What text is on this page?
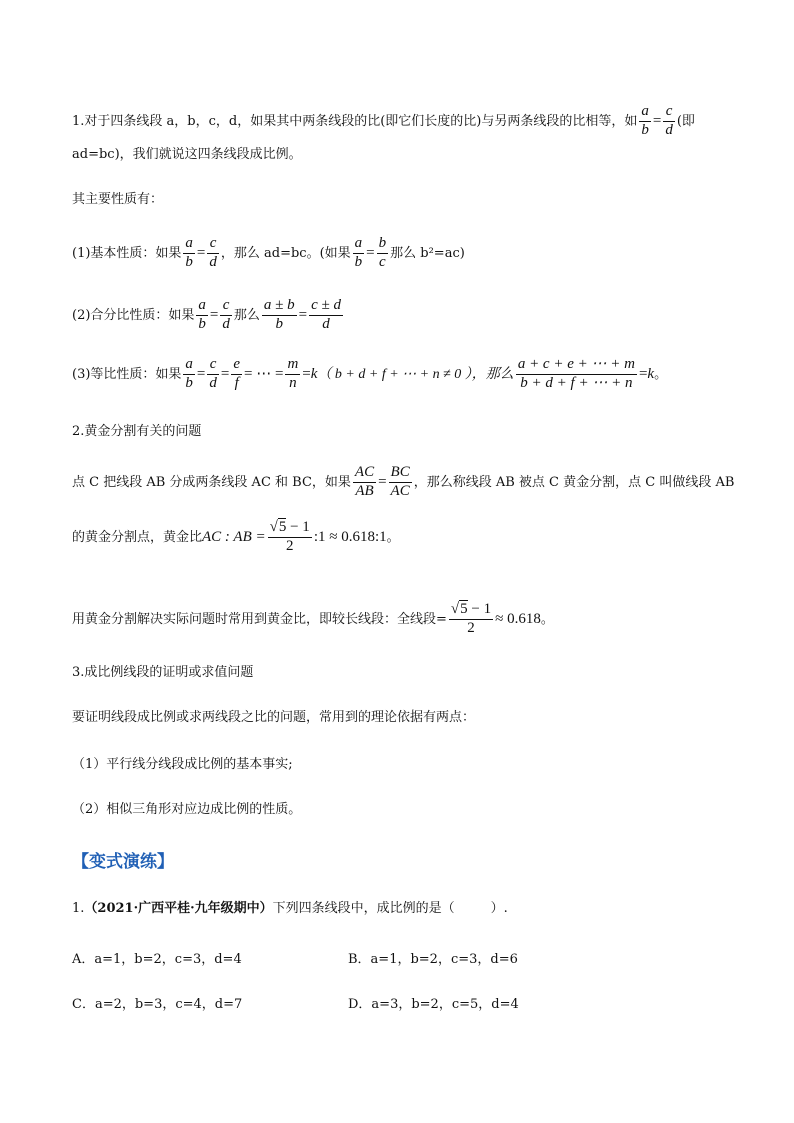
1.对于四条线段 a，b，c，d，如果其中两条线段的比(即它们长度的比)与另两条线段的比相等，如 $\frac{a}{b} = \frac{c}{d}$ (即
ad=bc)，我们就说这四条线段成比例。
其主要性质有：
(1)基本性质：如果 $\frac{a}{b} = \frac{c}{d}$ ，那么 ad=bc。(如果 $\frac{a}{b} = \frac{b}{c}$ 那么 b²=ac)
(2)合分比性质：如果 $\frac{a}{b} = \frac{c}{d}$ 那么 $\frac{a \pm b}{b} = \frac{c \pm d}{d}$
(3)等比性质：如果 $\frac{a}{b} = \frac{c}{d} = \frac{e}{f}$ = ⋯ = $\frac{m}{n} =k$（ b + d + f + ⋯ + n ≠ 0 ），那么 $\frac{a + c + e + \cdots + m}{b + d + f + \cdots + n} =k$。
2.黄金分割有关的问题
点 C 把线段 AB 分成两条线段 AC 和 BC，如果 $\frac{AC}{AB} = \frac{BC}{AC}$ ，那么称线段 AB 被点 C 黄金分割，点 C 叫做线段 AB
的黄金分割点，黄金比AC : AB = $\frac{√5 - 1}{2}$ :1 ≈ 0.618:1。
用黄金分割解决实际问题时常用到黄金比，即较长线段：全线段= $\frac{√5 - 1}{2} \approx 0.618$。
3.成比例线段的证明或求值问题
要证明线段成比例或求两线段之比的问题，常用到的理论依据有两点：
（1）平行线分线段成比例的基本事实;
（2）相似三角形对应边成比例的性质。
【变式演练】
1.（2021·广西平桂·九年级期中）下列四条线段中，成比例的是（	）.
A．a=1，b=2，c=3，d=4	B．a=1，b=2，c=3，d=6
C．a=2，b=3，c=4，d=7	D．a=3，b=2，c=5，d=4
